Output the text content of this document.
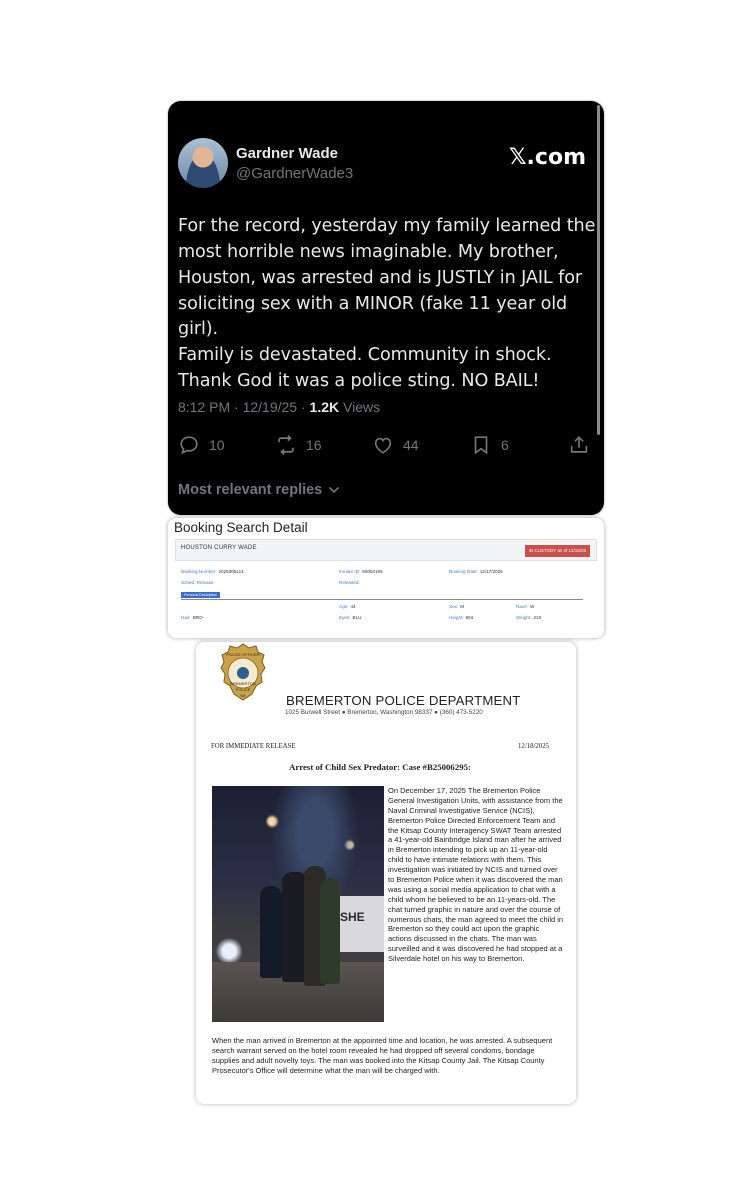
Gardner Wade
@GardnerWade3
𝕏.com
For the record, yesterday my family learned the
most horrible news imaginable. My brother,
Houston, was arrested and is JUSTLY in JAIL for
soliciting sex with a MINOR (fake 11 year old girl).
Family is devastated. Community in shock.
Thank God it was a police sting. NO BAIL!
8:12 PM · 12/19/25 · 1.2K Views
10	16	44	6
Most relevant replies
Booking Search Detail
HOUSTON CURRY WADE	IN CUSTODY as of 12/18/25
Booking Number: 2025005114	Inmate ID: 50004195	Booking Date: 12/17/2025
Sched. Release:	Released:
Personal Description
Age: 44	Sex: M	Race: W
Hair: BRO	Eyes: BLU	Height: 604	Weight: 210
POLICE OFFICER
BREMERTON
POLICE
WA	BREMERTON POLICE DEPARTMENT
1025 Burwell Street ● Bremerton, Washington 98337 ● (360) 473-5220
FOR IMMEDIATE RELEASE	12/18/2025
Arrest of Child Sex Predator: Case #B25006295:
SHE
On December 17, 2025 The Bremerton Police General Investigation Units, with assistance from the Naval Criminal Investigative Service (NCIS), Bremerton Police Directed Enforcement Team and the Kitsap County Interagency SWAT Team arrested a 41-year-old Bainbridge Island man after he arrived in Bremerton intending to pick up an 11-year-old child to have intimate relations with them. This investigation was initiated by NCIS and turned over to Bremerton Police when it was discovered the man was using a social media application to chat with a child whom he believed to be an 11-years-old. The chat turned graphic in nature and over the course of numerous chats, the man agreed to meet the child in Bremerton so they could act upon the graphic actions discussed in the chats. The man was surveilled and it was discovered he had stopped at a Silverdale hotel on his way to Bremerton.
When the man arrived in Bremerton at the appointed time and location, he was arrested. A subsequent search warrant served on the hotel room revealed he had dropped off several condoms, bondage supplies and adult novelty toys. The man was booked into the Kitsap County Jail. The Kitsap County Prosecutor's Office will determine what the man will be charged with.
